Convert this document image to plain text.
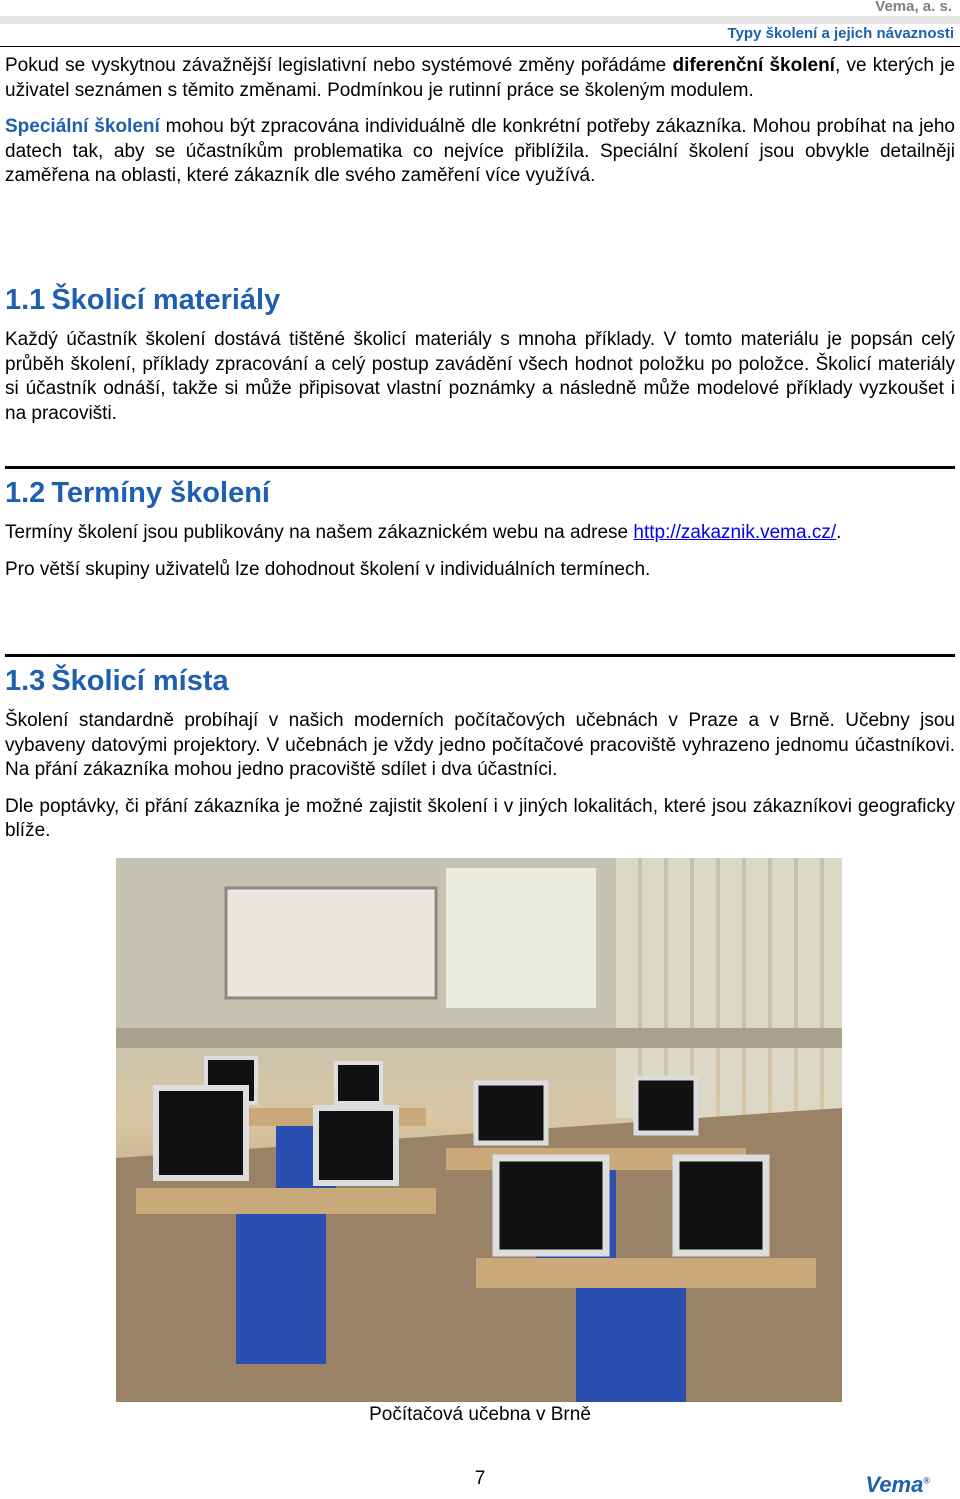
Vema, a. s.
Typy školení a jejich návaznosti

Pokud se vyskytnou závažnější legislativní nebo systémové změny pořádáme diferenční školení, ve kterých je uživatel seznámen s těmito změnami. Podmínkou je rutinní práce se školeným modulem.

Speciální školení mohou být zpracována individuálně dle konkrétní potřeby zákazníka. Mohou probíhat na jeho datech tak, aby se účastníkům problematika co nejvíce přiblížila. Speciální školení jsou obvykle detailněji zaměřena na oblasti, které zákazník dle svého zaměření více využívá.

1.1 Školicí materiály

Každý účastník školení dostává tištěné školicí materiály s mnoha příklady. V tomto materiálu je popsán celý průběh školení, příklady zpracování a celý postup zavádění všech hodnot položku po položce. Školicí materiály si účastník odnáší, takže si může připisovat vlastní poznámky a následně může modelové příklady vyzkoušet i na pracovišti.

1.2 Termíny školení

Termíny školení jsou publikovány na našem zákaznickém webu na adrese http://zakaznik.vema.cz/.

Pro větší skupiny uživatelů lze dohodnout školení v individuálních termínech.

1.3 Školicí místa

Školení standardně probíhají v našich moderních počítačových učebnách v Praze a v Brně. Učebny jsou vybaveny datovými projektory. V učebnách je vždy jedno počítačové pracoviště vyhrazeno jednomu účastníkovi. Na přání zákazníka mohou jedno pracoviště sdílet i dva účastníci.

Dle poptávky, či přání zákazníka je možné zajistit školení i v jiných lokalitách, které jsou zákazníkovi geograficky blíže.

Počítačová učebna v Brně
7	Vema®
